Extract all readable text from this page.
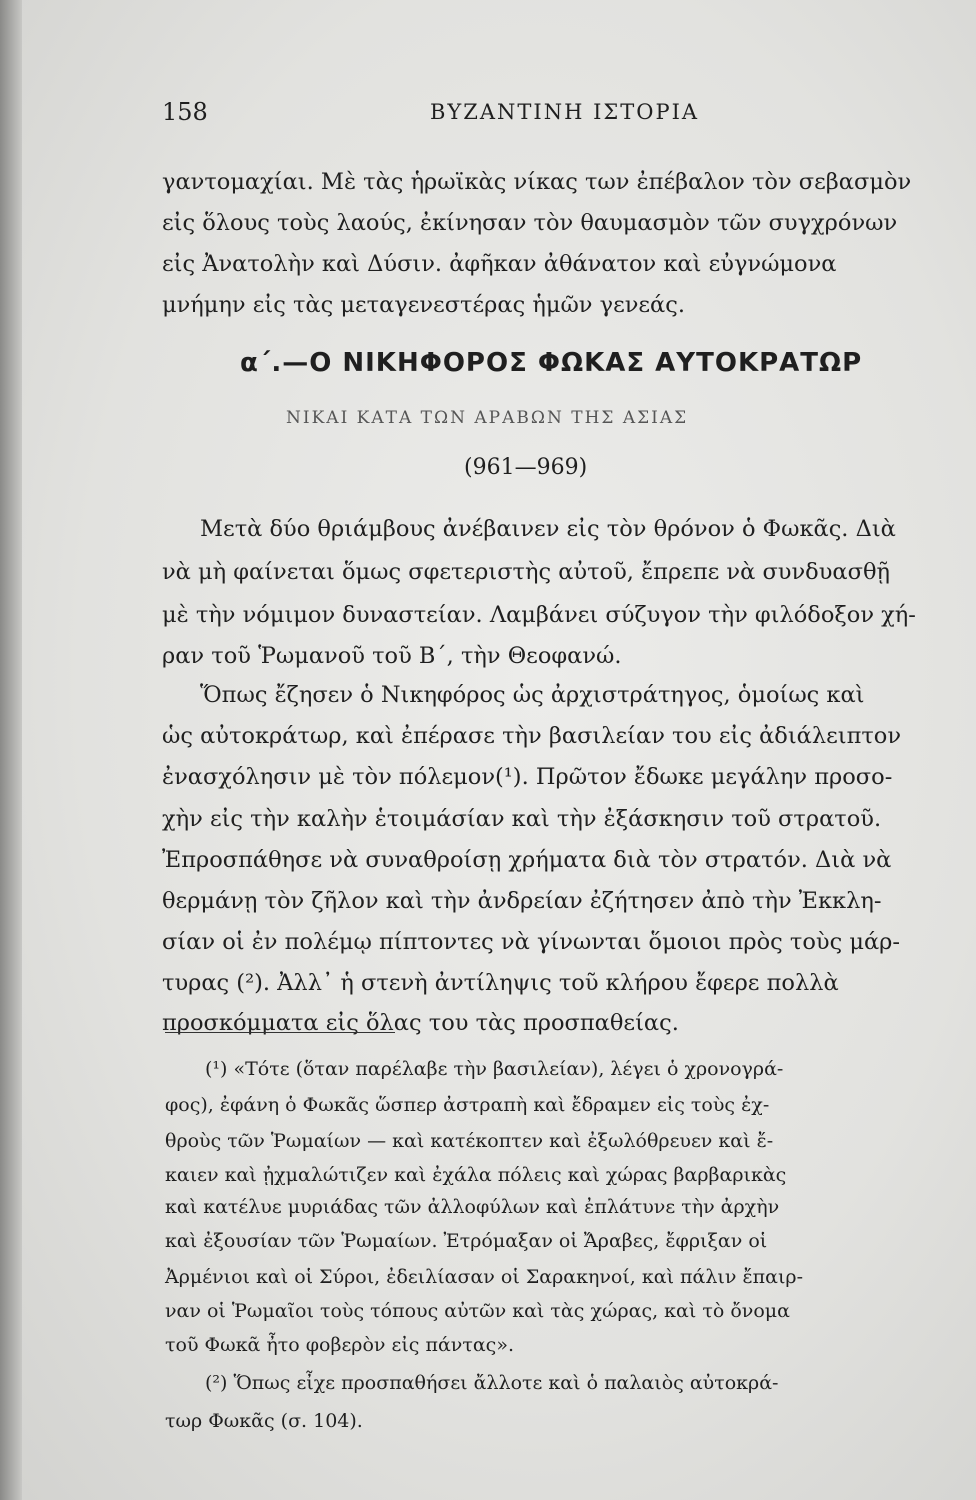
158	ΒΥΖΑΝΤΙΝΗ ΙΣΤΟΡΙΑ
γαντομαχίαι. Μὲ τὰς ἡρωϊκὰς νίκας των ἐπέβαλον τὸν σεβασμὸν
εἰς ὅλους τοὺς λαούς, ἐκίνησαν τὸν θαυμασμὸν τῶν συγχρόνων
εἰς Ἀνατολὴν καὶ Δύσιν. ἀφῆκαν ἀθάνατον καὶ εὐγνώμονα
μνήμην εἰς τὰς μεταγενεστέρας ἡμῶν γενεάς.
α΄.—Ο ΝΙΚΗΦΟΡΟΣ ΦΩΚΑΣ ΑΥΤΟΚΡΑΤΩΡ
ΝΙΚΑΙ ΚΑΤΑ ΤΩΝ ΑΡΑΒΩΝ ΤΗΣ ΑΣΙΑΣ
(961—969)
Μετὰ δύο θριάμβους ἀνέβαινεν εἰς τὸν θρόνον ὁ Φωκᾶς. Διὰ
νὰ μὴ φαίνεται ὅμως σφετεριστὴς αὐτοῦ, ἔπρεπε νὰ συνδυασθῇ
μὲ τὴν νόμιμον δυναστείαν. Λαμβάνει σύζυγον τὴν φιλόδοξον χή-
ραν τοῦ Ῥωμανοῦ τοῦ Β΄, τὴν Θεοφανώ.
Ὅπως ἔζησεν ὁ Νικηφόρος ὡς ἀρχιστράτηγος, ὁμοίως καὶ
ὡς αὐτοκράτωρ, καὶ ἐπέρασε τὴν βασιλείαν του εἰς ἀδιάλειπτον
ἐνασχόλησιν μὲ τὸν πόλεμον(¹). Πρῶτον ἔδωκε μεγάλην προσο-
χὴν εἰς τὴν καλὴν ἑτοιμάσίαν καὶ τὴν ἐξάσκησιν τοῦ στρατοῦ.
Ἐπροσπάθησε νὰ συναθροίσῃ χρήματα διὰ τὸν στρατόν. Διὰ νὰ
θερμάνῃ τὸν ζῆλον καὶ τὴν ἀνδρείαν ἐζήτησεν ἀπὸ τὴν Ἐκκλη-
σίαν οἱ ἐν πολέμῳ πίπτοντες νὰ γίνωνται ὅμοιοι πρὸς τοὺς μάρ-
τυρας (²). Ἀλλ᾽ ἡ στενὴ ἀντίληψις τοῦ κλήρου ἔφερε πολλὰ
προσκόμματα εἰς ὅλας του τὰς προσπαθείας.
(¹) «Τότε (ὅταν παρέλαβε τὴν βασιλείαν), λέγει ὁ χρονογρά-
φος), ἐφάνη ὁ Φωκᾶς ὥσπερ ἀστραπὴ καὶ ἔδραμεν εἰς τοὺς ἐχ-
θροὺς τῶν Ῥωμαίων — καὶ κατέκοπτεν καὶ ἐξωλόθρευεν καὶ ἔ-
καιεν καὶ ᾐχμαλώτιζεν καὶ ἐχάλα πόλεις καὶ χώρας βαρβαρικὰς
καὶ κατέλυε μυριάδας τῶν ἀλλοφύλων καὶ ἐπλάτυνε τὴν ἀρχὴν
καὶ ἐξουσίαν τῶν Ῥωμαίων. Ἐτρόμαξαν οἱ Ἄραβες, ἔφριξαν οἱ
Ἀρμένιοι καὶ οἱ Σύροι, ἐδειλίασαν οἱ Σαρακηνοί, καὶ πάλιν ἔπαιρ-
ναν οἱ Ῥωμαῖοι τοὺς τόπους αὐτῶν καὶ τὰς χώρας, καὶ τὸ ὄνομα
τοῦ Φωκᾶ ἦτο φοβερὸν εἰς πάντας».
(²) Ὅπως εἶχε προσπαθήσει ἄλλοτε καὶ ὁ παλαιὸς αὐτοκρά-
τωρ Φωκᾶς (σ. 104).
